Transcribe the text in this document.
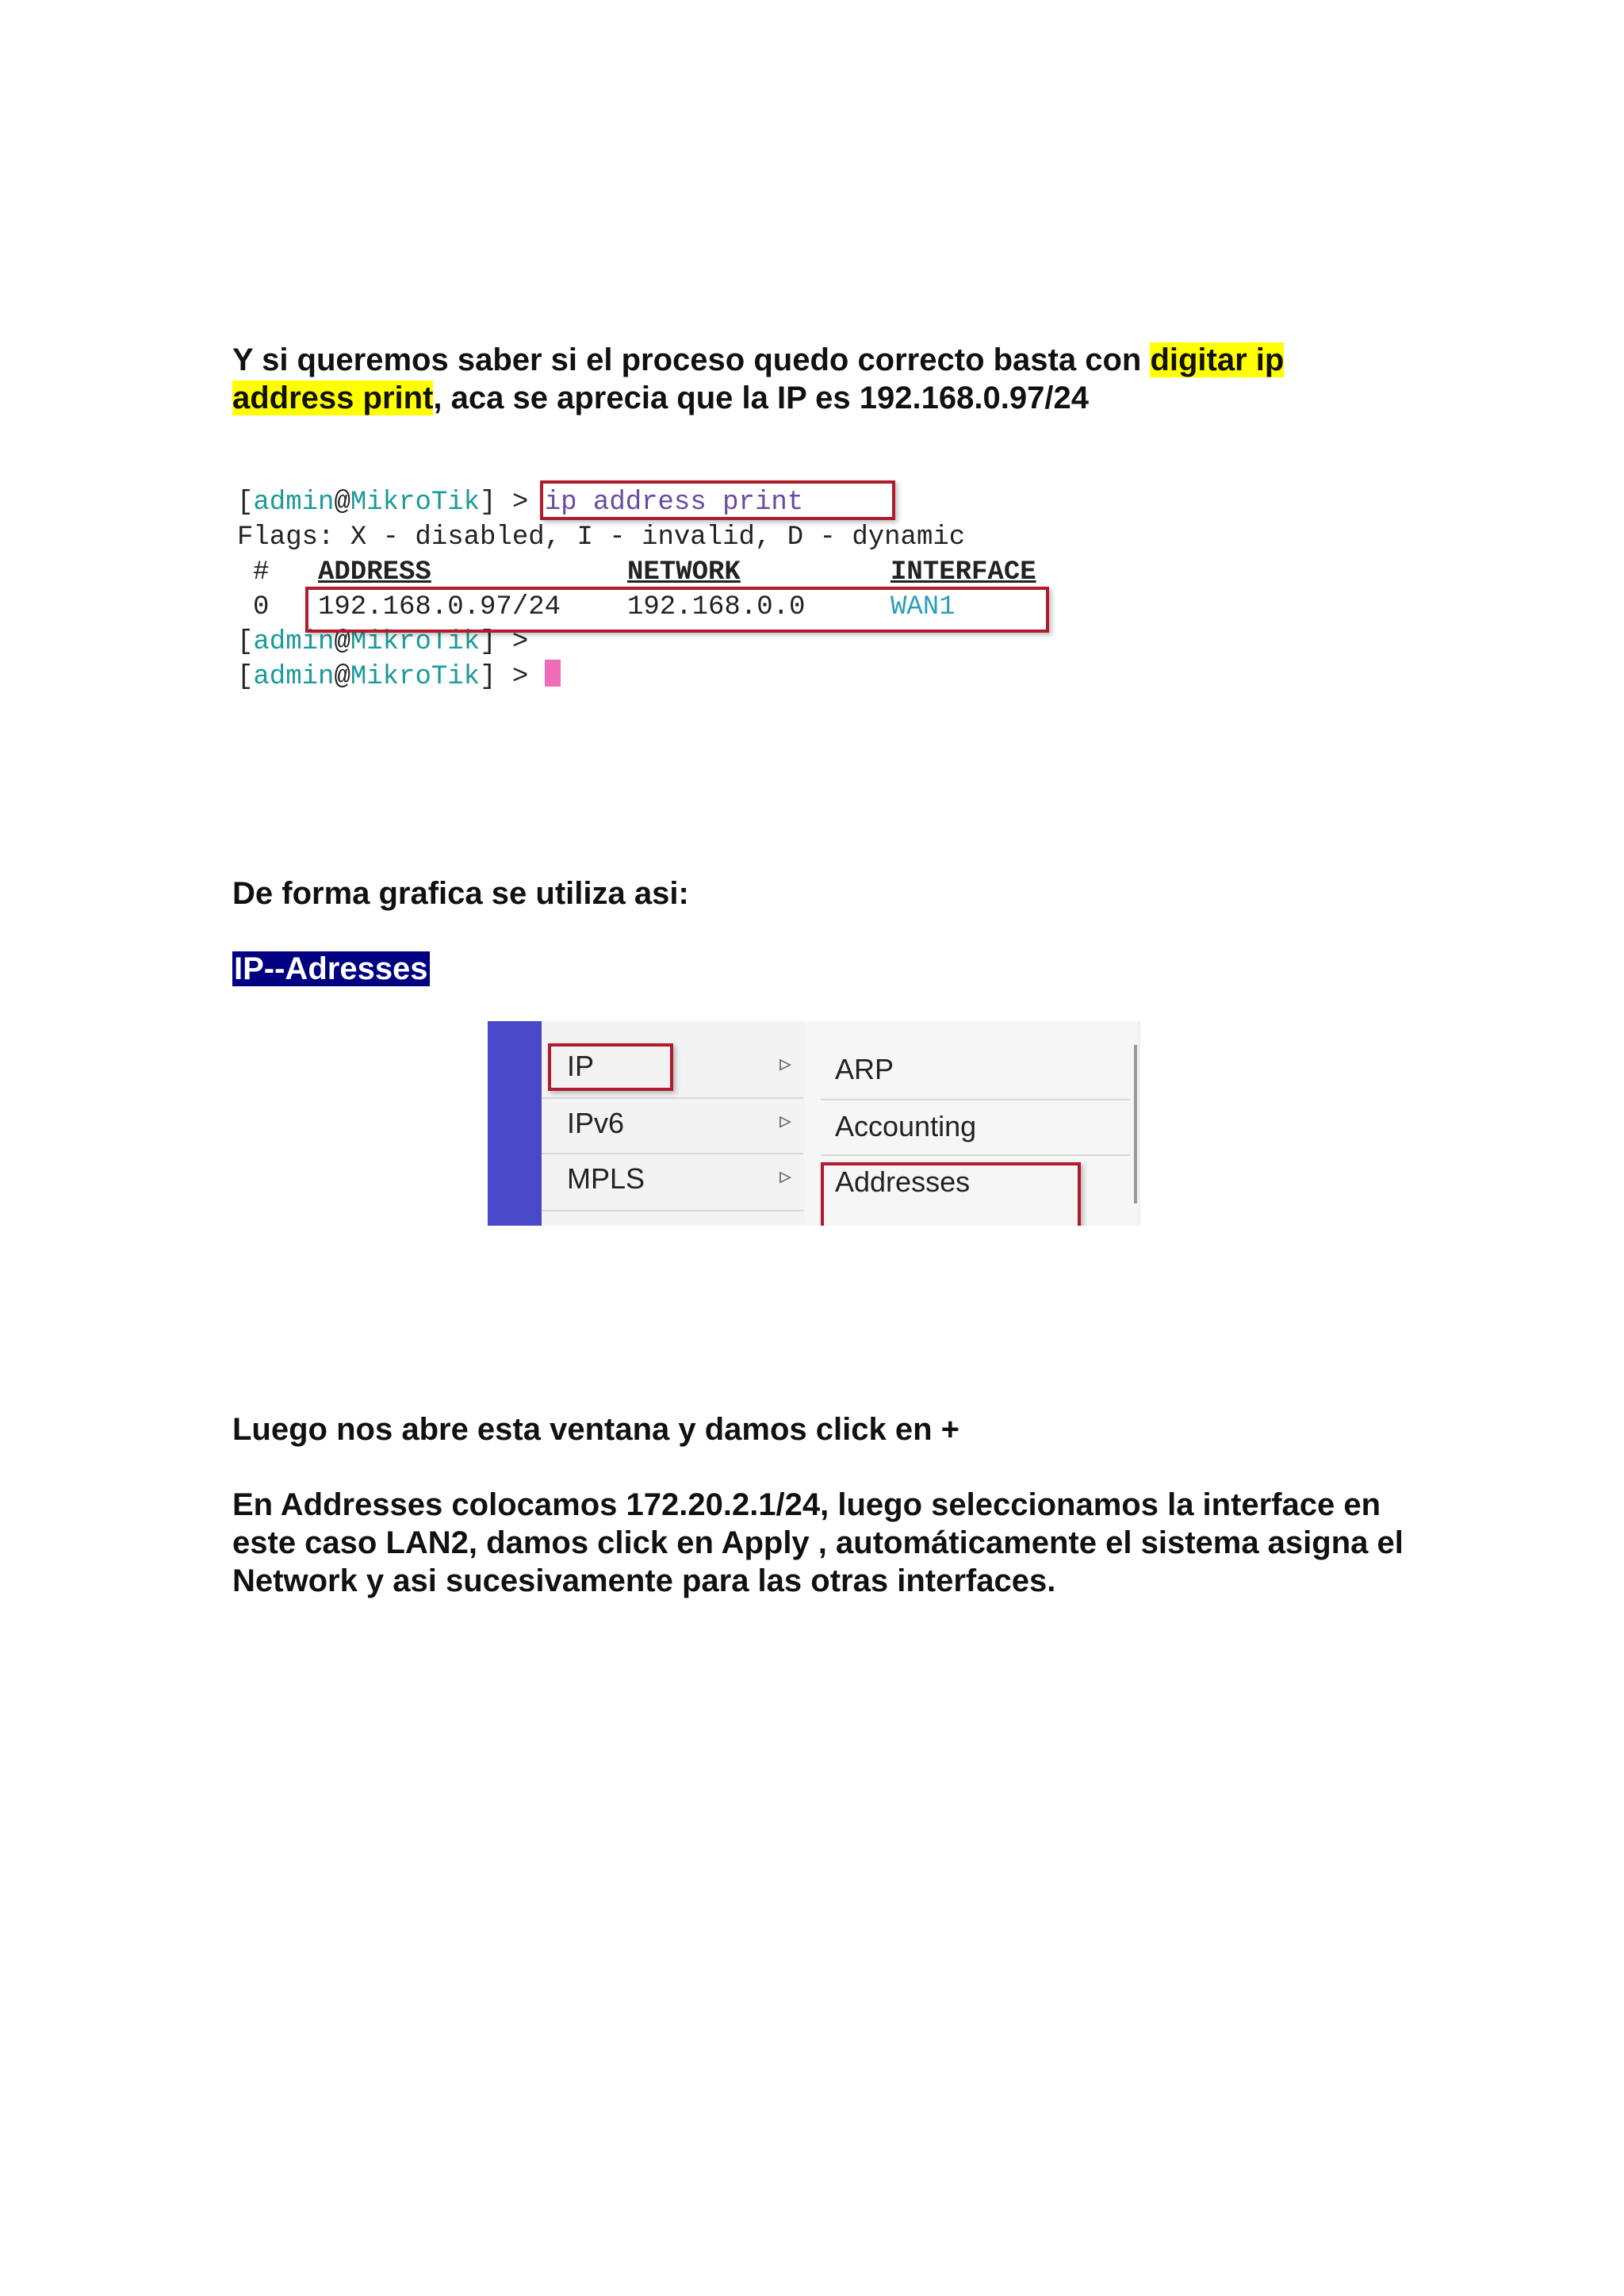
Y si queremos saber si el proceso quedo correcto basta con digitar ip address print, aca se aprecia que la IP es 192.168.0.97/24

[admin@MikroTik] > ip address print
Flags: X - disabled, I - invalid, D - dynamic
# ADDRESS	NETWORK	INTERFACE
0 192.168.0.97/24 192.168.0.0	WAN1
[admin@MikroTik] >
[admin@MikroTik] >

De forma grafica se utiliza asi:

IP--Adresses

IP	▹
IPv6	▹
MPLS	▹
ARP
Accounting
Addresses

Luego nos abre esta ventana y damos click en +

En Addresses colocamos 172.20.2.1/24, luego seleccionamos la interface en este caso LAN2, damos click en Apply , automáticamente el sistema asigna el Network y asi sucesivamente para las otras interfaces.
